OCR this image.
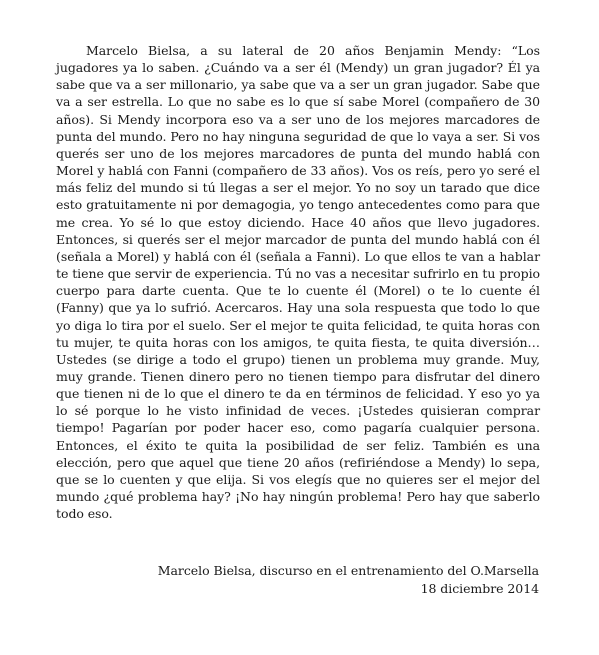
Marcelo Bielsa, a su lateral de 20 años Benjamin Mendy: “Los jugadores ya lo saben. ¿Cuándo va a ser él (Mendy) un gran jugador? Él ya sabe que va a ser millonario, ya sabe que va a ser un gran jugador. Sabe que va a ser estrella. Lo que no sabe es lo que sí sabe Morel (compañero de 30 años). Si Mendy incorpora eso va a ser uno de los mejores marcadores de punta del mundo. Pero no hay ninguna seguridad de que lo vaya a ser. Si vos querés ser uno de los mejores marcadores de punta del mundo hablá con Morel y hablá con Fanni (compañero de 33 años). Vos os reís, pero yo seré el más feliz del mundo si tú llegas a ser el mejor. Yo no soy un tarado que dice esto gratuitamente ni por demagogia, yo tengo antecedentes como para que me crea. Yo sé lo que estoy diciendo. Hace 40 años que llevo jugadores. Entonces, si querés ser el mejor marcador de punta del mundo hablá con él (señala a Morel) y hablá con él (señala a Fanni). Lo que ellos te van a hablar te tiene que servir de experiencia. Tú no vas a necesitar sufrirlo en tu propio cuerpo para darte cuenta. Que te lo cuente él (Morel) o te lo cuente él (Fanny) que ya lo sufrió. Acercaros. Hay una sola respuesta que todo lo que yo diga lo tira por el suelo. Ser el mejor te quita felicidad, te quita horas con tu mujer, te quita horas con los amigos, te quita fiesta, te quita diversión… Ustedes (se dirige a todo el grupo) tienen un problema muy grande. Muy, muy grande. Tienen dinero pero no tienen tiempo para disfrutar del dinero que tienen ni de lo que el dinero te da en términos de felicidad. Y eso yo ya lo sé porque lo he visto infinidad de veces. ¡Ustedes quisieran comprar tiempo! Pagarían por poder hacer eso, como pagaría cualquier persona. Entonces, el éxito te quita la posibilidad de ser feliz. También es una elección, pero que aquel que tiene 20 años (refiriéndose a Mendy) lo sepa, que se lo cuenten y que elija. Si vos elegís que no quieres ser el mejor del mundo ¿qué problema hay? ¡No hay ningún problema! Pero hay que saberlo todo eso.

Marcelo Bielsa, discurso en el entrenamiento del O.Marsella
18 diciembre 2014
